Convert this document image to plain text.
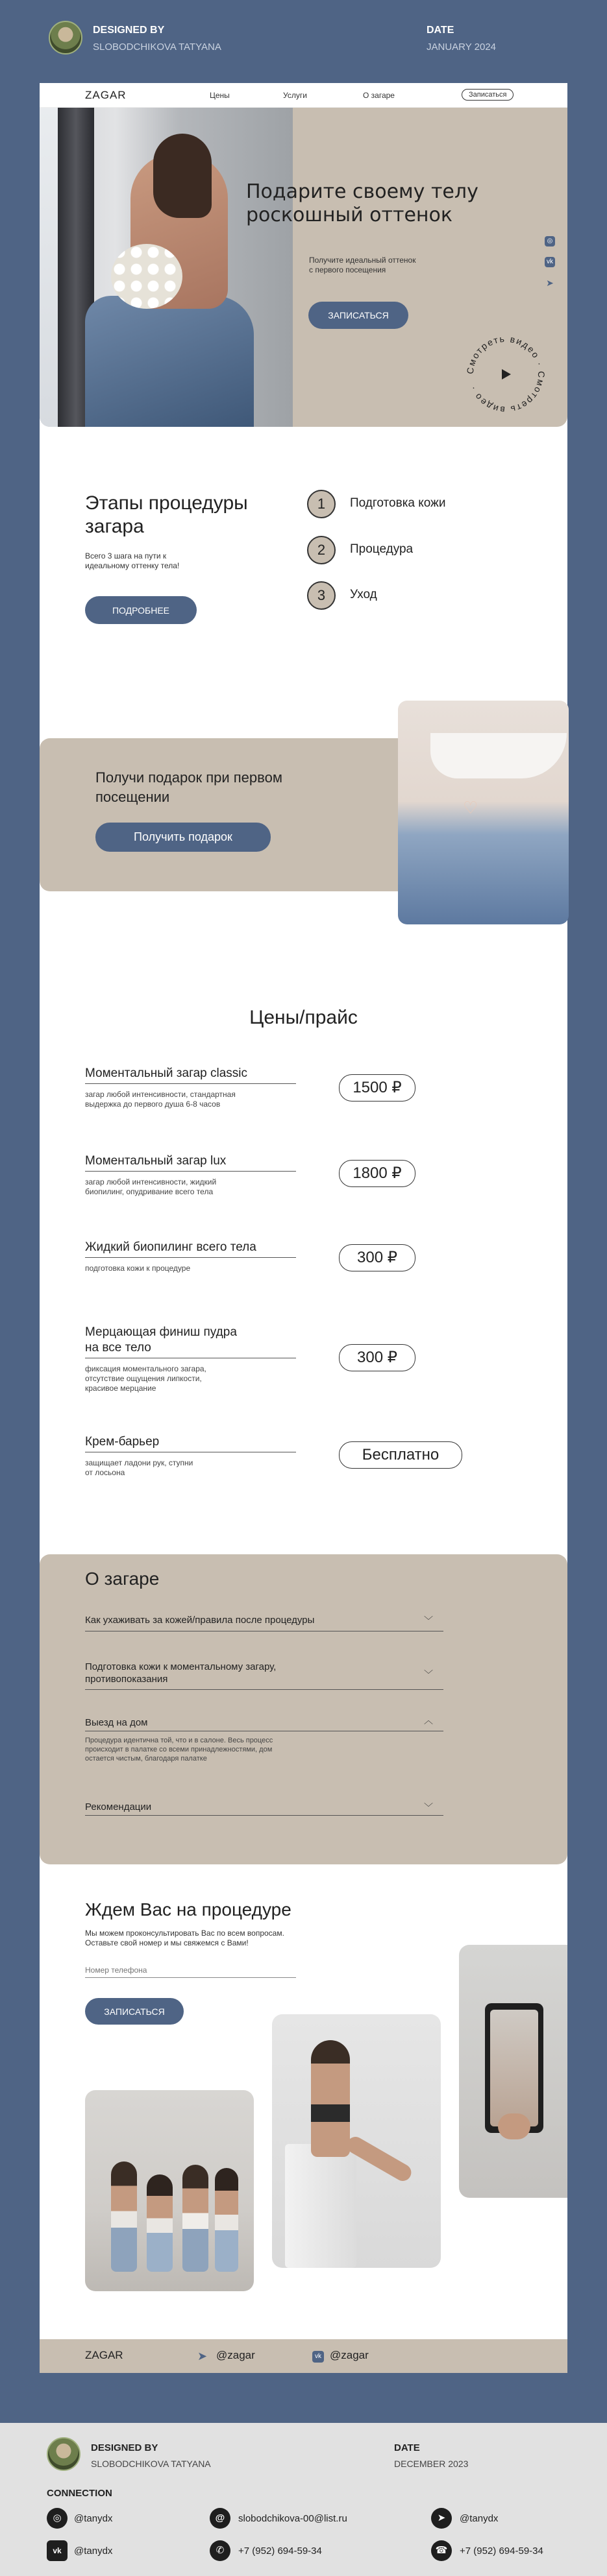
DESIGNED BY
SLOBODCHIKOVA TATYANA
DATE
JANUARY 2024
ZAGAR	Цены	Услуги	О загаре	Записаться
Подарите своему телу роскошный оттенок
Получите идеальный оттенок
с первого посещения
ЗАПИСАТЬСЯ
◎
vk
➤
Смотреть видео · Смотреть видео ·
Этапы процедуры
загара
Всего 3 шага на пути к
идеальному оттенку тела!
ПОДРОБНЕЕ
1	Подготовка кожи
2	Процедура
3	Уход
Получи подарок при первом
посещении
Получить подарок
♡
Цены/прайс
Моментальный загар classic
загар любой интенсивности, стандартная
выдержка до первого душа 6-8 часов
1500 ₽
Моментальный загар lux
загар любой интенсивности, жидкий
биопилинг, опудривание всего тела
1800 ₽
Жидкий биопилинг всего тела
подготовка кожи к процедуре
300 ₽
Мерцающая финиш пудра
на все тело
фиксация моментального загара,
отсутствие ощущения липкости,
красивое мерцание
300 ₽
Крем-барьер
защищает ладони рук, ступни
от лосьона
Бесплатно
О загаре
Как ухаживать за кожей/правила после процедуры	﹀
Подготовка кожи к моментальному загару,
противопоказания	﹀
Выезд на дом	︿
Процедура идентична той, что и в салоне. Весь процесс
происходит в палатке со всеми принадлежностями, дом
остается чистым, благодаря палатке
Рекомендации	﹀
Ждем Вас на процедуре
Мы можем проконсультировать Вас по всем вопросам.
Оставьте свой номер и мы свяжемся с Вами!
Номер телефона
ЗАПИСАТЬСЯ
ZAGAR	➤ @zagar	vk @zagar
DESIGNED BY
SLOBODCHIKOVA TATYANA
DATE
DECEMBER 2023
CONNECTION
◎	@tanydx	@	slobodchikova-00@list.ru	➤	@tanydx
vk	@tanydx	✆	+7 (952) 694-59-34	☎	+7 (952) 694-59-34
